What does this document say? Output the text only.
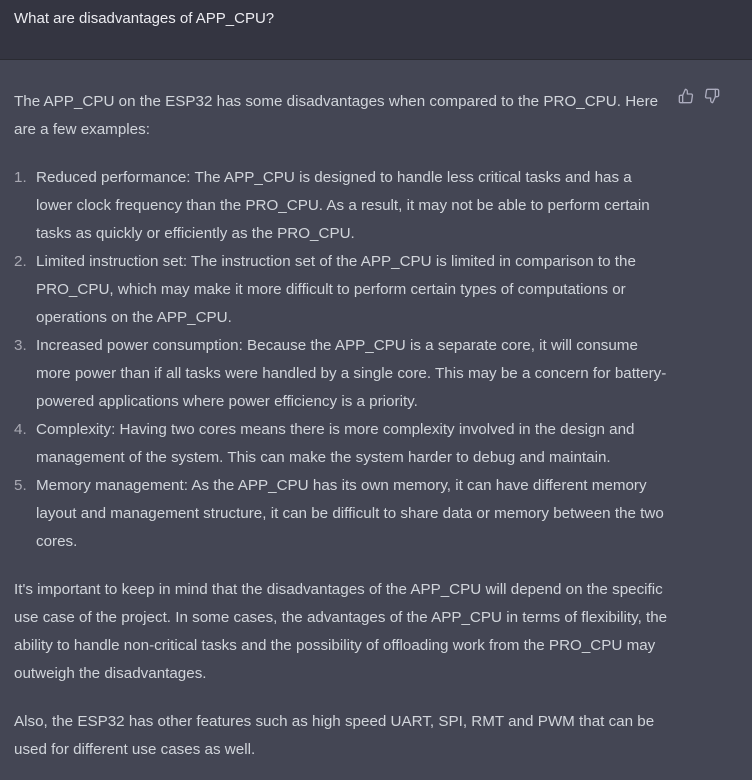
What are disadvantages of APP_CPU?

The APP_CPU on the ESP32 has some disadvantages when compared to the PRO_CPU. Here are a few examples:

1. Reduced performance: The APP_CPU is designed to handle less critical tasks and has a lower clock frequency than the PRO_CPU. As a result, it may not be able to perform certain tasks as quickly or efficiently as the PRO_CPU.
2. Limited instruction set: The instruction set of the APP_CPU is limited in comparison to the PRO_CPU, which may make it more difficult to perform certain types of computations or operations on the APP_CPU.
3. Increased power consumption: Because the APP_CPU is a separate core, it will consume more power than if all tasks were handled by a single core. This may be a concern for battery-powered applications where power efficiency is a priority.
4. Complexity: Having two cores means there is more complexity involved in the design and management of the system. This can make the system harder to debug and maintain.
5. Memory management: As the APP_CPU has its own memory, it can have different memory layout and management structure, it can be difficult to share data or memory between the two cores.

It's important to keep in mind that the disadvantages of the APP_CPU will depend on the specific use case of the project. In some cases, the advantages of the APP_CPU in terms of flexibility, the ability to handle non-critical tasks and the possibility of offloading work from the PRO_CPU may outweigh the disadvantages.

Also, the ESP32 has other features such as high speed UART, SPI, RMT and PWM that can be used for different use cases as well.
